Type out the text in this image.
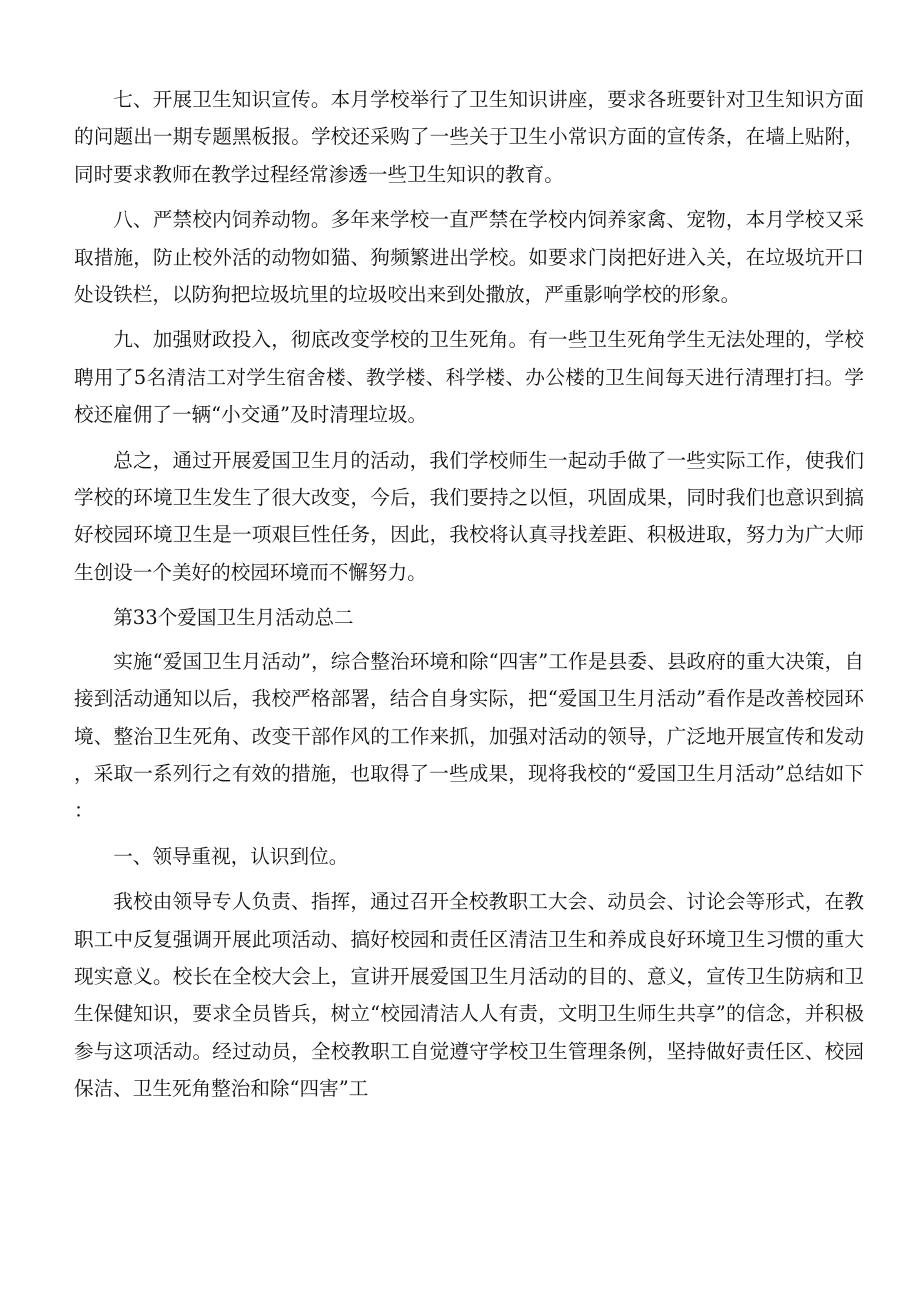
七、开展卫生知识宣传。本月学校举行了卫生知识讲座，要求各班要针对卫生知识方面的问题出一期专题黑板报。学校还采购了一些关于卫生小常识方面的宣传条，在墙上贴附，同时要求教师在教学过程经常渗透一些卫生知识的教育。

八、严禁校内饲养动物。多年来学校一直严禁在学校内饲养家禽、宠物，本月学校又采取措施，防止校外活的动物如猫、狗频繁进出学校。如要求门岗把好进入关，在垃圾坑开口处设铁栏，以防狗把垃圾坑里的垃圾咬出来到处撒放，严重影响学校的形象。

九、加强财政投入，彻底改变学校的卫生死角。有一些卫生死角学生无法处理的，学校聘用了5名清洁工对学生宿舍楼、教学楼、科学楼、办公楼的卫生间每天进行清理打扫。学校还雇佣了一辆“小交通”及时清理垃圾。

总之，通过开展爱国卫生月的活动，我们学校师生一起动手做了一些实际工作，使我们学校的环境卫生发生了很大改变，今后，我们要持之以恒，巩固成果，同时我们也意识到搞好校园环境卫生是一项艰巨性任务，因此，我校将认真寻找差距、积极进取，努力为广大师生创设一个美好的校园环境而不懈努力。

第33个爱国卫生月活动总二

实施“爱国卫生月活动”，综合整治环境和除“四害”工作是县委、县政府的重大决策，自接到活动通知以后，我校严格部署，结合自身实际，把“爱国卫生月活动”看作是改善校园环境、整治卫生死角、改变干部作风的工作来抓，加强对活动的领导，广泛地开展宣传和发动，采取一系列行之有效的措施，也取得了一些成果，现将我校的“爱国卫生月活动”总结如下：

一、领导重视，认识到位。

我校由领导专人负责、指挥，通过召开全校教职工大会、动员会、讨论会等形式，在教职工中反复强调开展此项活动、搞好校园和责任区清洁卫生和养成良好环境卫生习惯的重大现实意义。校长在全校大会上，宣讲开展爱国卫生月活动的目的、意义，宣传卫生防病和卫生保健知识，要求全员皆兵，树立“校园清洁人人有责，文明卫生师生共享”的信念，并积极参与这项活动。经过动员，全校教职工自觉遵守学校卫生管理条例，坚持做好责任区、校园保洁、卫生死角整治和除“四害”工
